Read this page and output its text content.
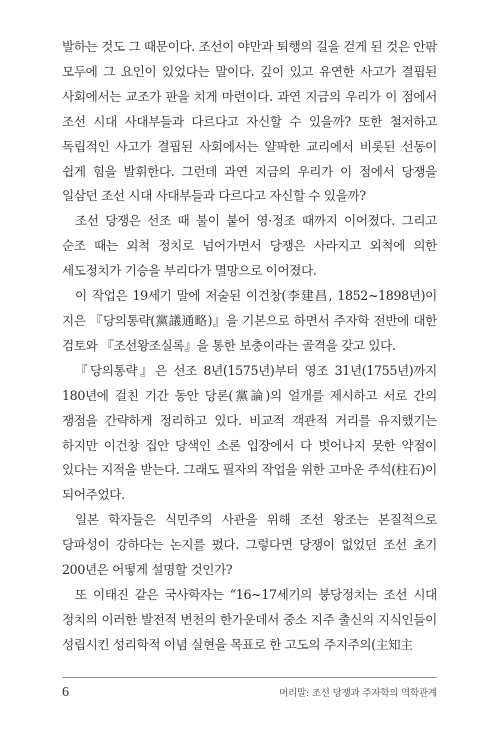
발하는 것도 그 때문이다. 조선이 야만과 퇴행의 길을 걷게 된 것은 안팎 모두에 그 요인이 있었다는 말이다. 깊이 있고 유연한 사고가 결핍된 사회에서는 교조가 판을 치게 마련이다. 과연 지금의 우리가 이 점에서 조선 시대 사대부들과 다르다고 자신할 수 있을까? 또한 철저하고 독립적인 사고가 결핍된 사회에서는 얄팍한 교리에서 비롯된 선동이 쉽게 힘을 발휘한다. 그런데 과연 지금의 우리가 이 점에서 당쟁을 일삼던 조선 시대 사대부들과 다르다고 자신할 수 있을까?

조선 당쟁은 선조 때 불이 붙어 영·정조 때까지 이어졌다. 그리고 순조 때는 외척 정치로 넘어가면서 당쟁은 사라지고 외척에 의한 세도정치가 기승을 부리다가 멸망으로 이어졌다.

이 작업은 19세기 말에 저술된 이건창(李建昌, 1852~1898년)이 지은 『당의통략(黨議通略)』을 기본으로 하면서 주자학 전반에 대한 검토와 『조선왕조실록』을 통한 보충이라는 골격을 갖고 있다.

『당의통략』은 선조 8년(1575년)부터 영조 31년(1755년)까지 180년에 걸친 기간 동안 당론(黨論)의 얼개를 제시하고 서로 간의 쟁점을 간략하게 정리하고 있다. 비교적 객관적 거리를 유지했기는 하지만 이건창 집안 당색인 소론 입장에서 다 벗어나지 못한 약점이 있다는 지적을 받는다. 그래도 필자의 작업을 위한 고마운 주석(柱石)이 되어주었다.

일본 학자들은 식민주의 사관을 위해 조선 왕조는 본질적으로 당파성이 강하다는 논지를 폈다. 그렇다면 당쟁이 없었던 조선 초기 200년은 어떻게 설명할 것인가?

또 이태진 같은 국사학자는 “16~17세기의 붕당정치는 조선 시대 정치의 이러한 발전적 변천의 한가운데서 중소 지주 출신의 지식인들이 성립시킨 성리학적 이념 실현을 목표로 한 고도의 주지주의(主知主

6	머리말: 조선 당쟁과 주자학의 역학관계
